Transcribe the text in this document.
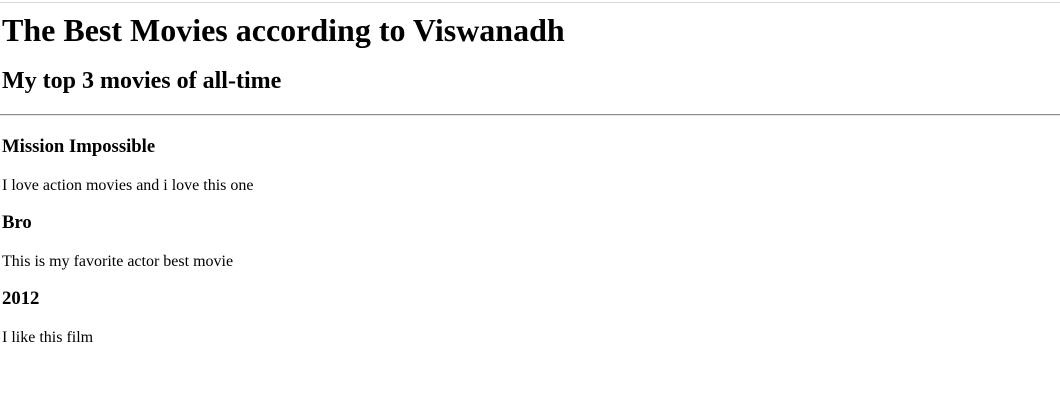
The Best Movies according to Viswanadh
My top 3 movies of all-time
Mission Impossible

I love action movies and i love this one

Bro

This is my favorite actor best movie

2012

I like this film
